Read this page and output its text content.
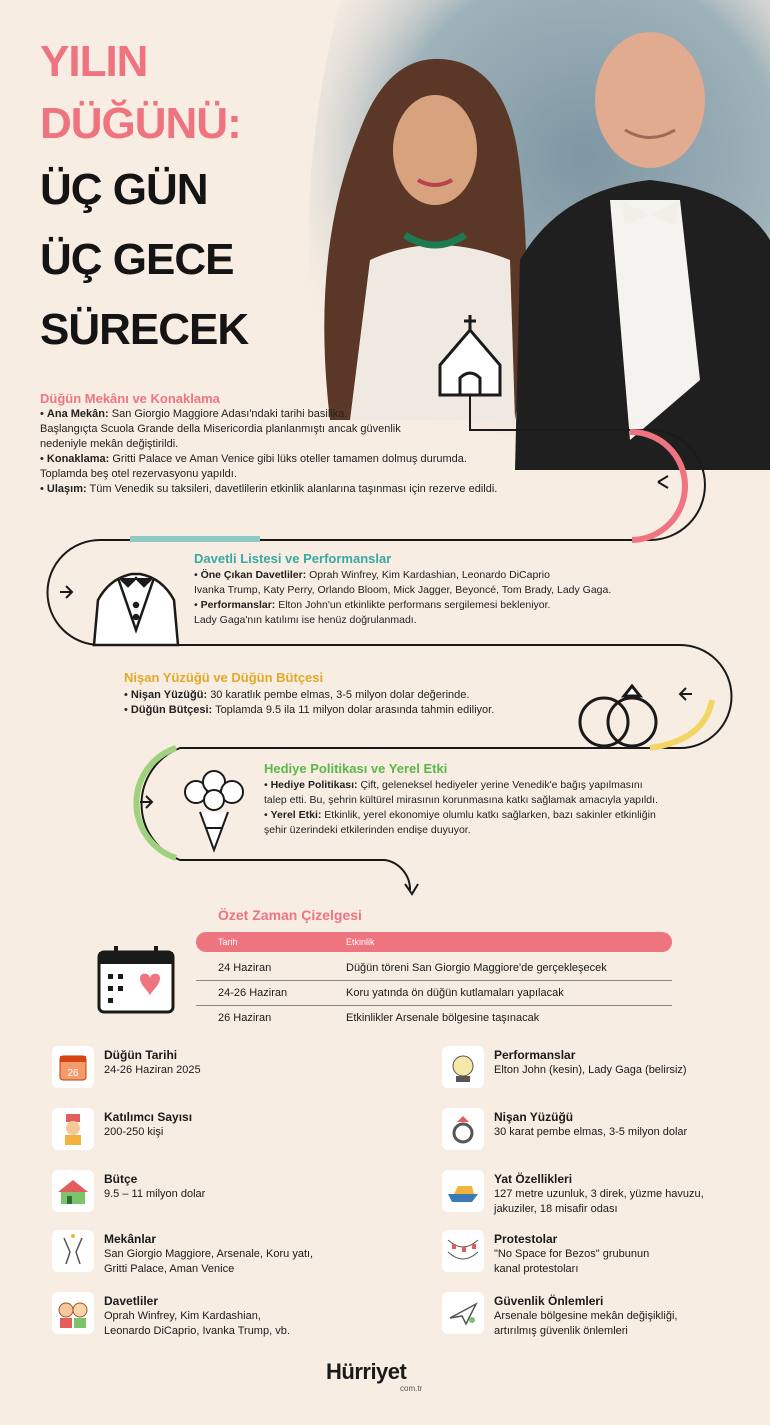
YILIN
DÜĞÜNÜ:
ÜÇ GÜN
ÜÇ GECE
SÜRECEK
Düğün Mekânı ve Konaklama

• Ana Mekân: San Giorgio Maggiore Adası'ndaki tarihi basilika.

Başlangıçta Scuola Grande della Misericordia planlanmıştı ancak güvenlik

nedeniyle mekân değiştirildi.

• Konaklama: Gritti Palace ve Aman Venice gibi lüks oteller tamamen dolmuş durumda.

Toplamda beş otel rezervasyonu yapıldı.

• Ulaşım: Tüm Venedik su taksileri, davetlilerin etkinlik alanlarına taşınması için rezerve edildi.

Davetli Listesi ve Performanslar

• Öne Çıkan Davetliler: Oprah Winfrey, Kim Kardashian, Leonardo DiCaprio

Ivanka Trump, Katy Perry, Orlando Bloom, Mick Jagger, Beyoncé, Tom Brady, Lady Gaga.

• Performanslar: Elton John'un etkinlikte performans sergilemesi bekleniyor.

Lady Gaga'nın katılımı ise henüz doğrulanmadı.

Nişan Yüzüğü ve Düğün Bütçesi

• Nişan Yüzüğü: 30 karatlık pembe elmas, 3-5 milyon dolar değerinde.

• Düğün Bütçesi: Toplamda 9.5 ila 11 milyon dolar arasında tahmin ediliyor.

Hediye Politikası ve Yerel Etki

• Hediye Politikası: Çift, geleneksel hediyeler yerine Venedik'e bağış yapılmasını

talep etti. Bu, şehrin kültürel mirasının korunmasına katkı sağlamak amacıyla yapıldı.

• Yerel Etki: Etkinlik, yerel ekonomiye olumlu katkı sağlarken, bazı sakinler etkinliğin

şehir üzerindeki etkilerinden endişe duyuyor.

Özet Zaman Çizelgesi
Tarih	Etkinlik
24 Haziran	Düğün töreni San Giorgio Maggiore'de gerçekleşecek
24-26 Haziran	Koru yatında ön düğün kutlamaları yapılacak
26 Haziran	Etkinlikler Arsenale bölgesine taşınacak
26
Düğün Tarihi
24-26 Haziran 2025
Katılımcı Sayısı
200-250 kişi
Bütçe
9.5 – 11 milyon dolar
Mekânlar
San Giorgio Maggiore, Arsenale, Koru yatı,
Gritti Palace, Aman Venice
Davetliler
Oprah Winfrey, Kim Kardashian,
Leonardo DiCaprio, Ivanka Trump, vb.
Performanslar
Elton John (kesin), Lady Gaga (belirsiz)
Nişan Yüzüğü
30 karat pembe elmas, 3-5 milyon dolar
Yat Özellikleri
127 metre uzunluk, 3 direk, yüzme havuzu,
jakuziler, 18 misafir odası
Protestolar
"No Space for Bezos" grubunun
kanal protestoları
Güvenlik Önlemleri
Arsenale bölgesine mekân değişikliği,
artırılmış güvenlik önlemleri
Hürriyet
com.tr
